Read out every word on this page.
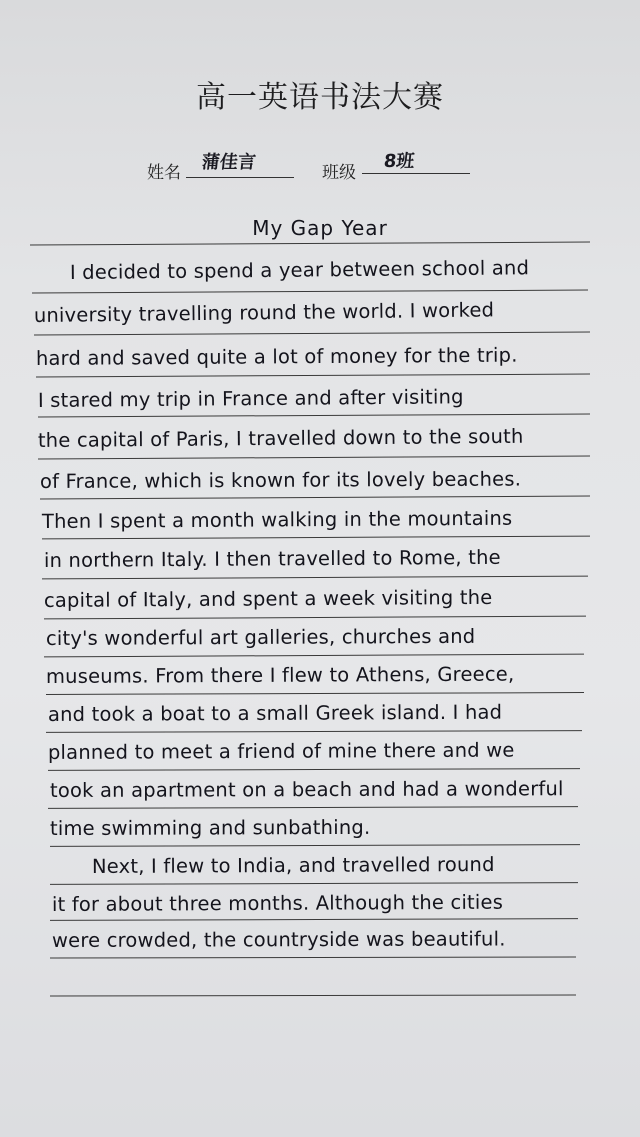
高一英语书法大赛
姓名 蒲佳言	班级
8班
My Gap Year
I decided to spend a year between school and
university travelling round the world. I worked
hard and saved quite a lot of money for the trip.
I stared my trip in France and after visiting
the capital of Paris, I travelled down to the south
of France, which is known for its lovely beaches.
Then I spent a month walking in the mountains
in northern Italy. I then travelled to Rome, the
capital of Italy, and spent a week visiting the
city's wonderful art galleries, churches and
museums. From there I flew to Athens, Greece,
and took a boat to a small Greek island. I had
planned to meet a friend of mine there and we
took an apartment on a beach and had a wonderful
time swimming and sunbathing.
Next, I flew to India, and travelled round
it for about three months. Although the cities
were crowded, the countryside was beautiful.
